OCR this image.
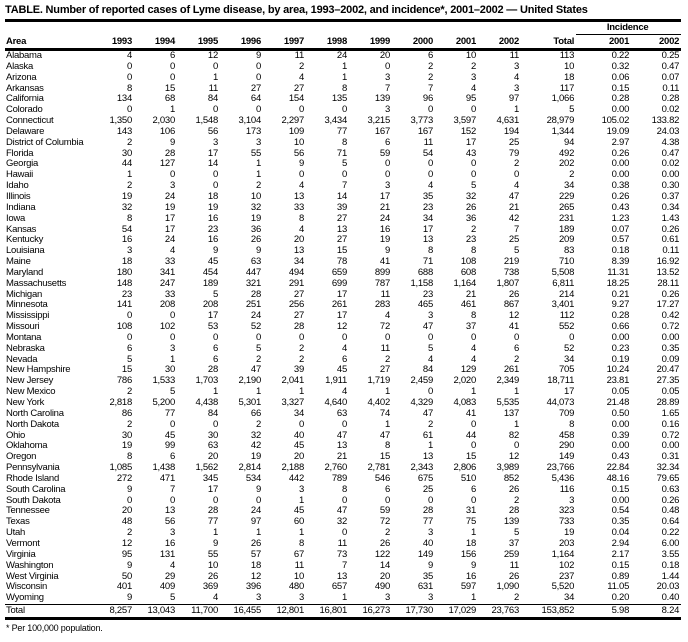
TABLE. Number of reported cases of Lyme disease, by area, 1993–2002, and incidence*, 2001–2002 — United States
												Incidence	
Area	1993	1994	1995	1996	1997	1998	1999	2000	2001	2002	Total	2001	2002
Alabama	4	6	12	9	11	24	20	6	10	11	113	0.22	0.25
Alaska	0	0	0	0	2	1	0	2	2	3	10	0.32	0.47
Arizona	0	0	1	0	4	1	3	2	3	4	18	0.06	0.07
Arkansas	8	15	11	27	27	8	7	7	4	3	117	0.15	0.11
California	134	68	84	64	154	135	139	96	95	97	1,066	0.28	0.28
Colorado	0	1	0	0	0	0	3	0	0	1	5	0.00	0.02
Connecticut	1,350	2,030	1,548	3,104	2,297	3,434	3,215	3,773	3,597	4,631	28,979	105.02	133.82
Delaware	143	106	56	173	109	77	167	167	152	194	1,344	19.09	24.03
District of Columbia	2	9	3	3	10	8	6	11	17	25	94	2.97	4.38
Florida	30	28	17	55	56	71	59	54	43	79	492	0.26	0.47
Georgia	44	127	14	1	9	5	0	0	0	2	202	0.00	0.02
Hawaii	1	0	0	1	0	0	0	0	0	0	2	0.00	0.00
Idaho	2	3	0	2	4	7	3	4	5	4	34	0.38	0.30
Illinois	19	24	18	10	13	14	17	35	32	47	229	0.26	0.37
Indiana	32	19	19	32	33	39	21	23	26	21	265	0.43	0.34
Iowa	8	17	16	19	8	27	24	34	36	42	231	1.23	1.43
Kansas	54	17	23	36	4	13	16	17	2	7	189	0.07	0.26
Kentucky	16	24	16	26	20	27	19	13	23	25	209	0.57	0.61
Louisiana	3	4	9	9	13	15	9	8	8	5	83	0.18	0.11
Maine	18	33	45	63	34	78	41	71	108	219	710	8.39	16.92
Maryland	180	341	454	447	494	659	899	688	608	738	5,508	11.31	13.52
Massachusetts	148	247	189	321	291	699	787	1,158	1,164	1,807	6,811	18.25	28.11
Michigan	23	33	5	28	27	17	11	23	21	26	214	0.21	0.26
Minnesota	141	208	208	251	256	261	283	465	461	867	3,401	9.27	17.27
Mississippi	0	0	17	24	27	17	4	3	8	12	112	0.28	0.42
Missouri	108	102	53	52	28	12	72	47	37	41	552	0.66	0.72
Montana	0	0	0	0	0	0	0	0	0	0	0	0.00	0.00
Nebraska	6	3	6	5	2	4	11	5	4	6	52	0.23	0.35
Nevada	5	1	6	2	2	6	2	4	4	2	34	0.19	0.09
New Hampshire	15	30	28	47	39	45	27	84	129	261	705	10.24	20.47
New Jersey	786	1,533	1,703	2,190	2,041	1,911	1,719	2,459	2,020	2,349	18,711	23.81	27.35
New Mexico	2	5	1	1	1	4	1	0	1	1	17	0.05	0.05
New York	2,818	5,200	4,438	5,301	3,327	4,640	4,402	4,329	4,083	5,535	44,073	21.48	28.89
North Carolina	86	77	84	66	34	63	74	47	41	137	709	0.50	1.65
North Dakota	2	0	0	2	0	0	1	2	0	1	8	0.00	0.16
Ohio	30	45	30	32	40	47	47	61	44	82	458	0.39	0.72
Oklahoma	19	99	63	42	45	13	8	1	0	0	290	0.00	0.00
Oregon	8	6	20	19	20	21	15	13	15	12	149	0.43	0.31
Pennsylvania	1,085	1,438	1,562	2,814	2,188	2,760	2,781	2,343	2,806	3,989	23,766	22.84	32.34
Rhode Island	272	471	345	534	442	789	546	675	510	852	5,436	48.16	79.65
South Carolina	9	7	17	9	3	8	6	25	6	26	116	0.15	0.63
South Dakota	0	0	0	0	1	0	0	0	0	2	3	0.00	0.26
Tennessee	20	13	28	24	45	47	59	28	31	28	323	0.54	0.48
Texas	48	56	77	97	60	32	72	77	75	139	733	0.35	0.64
Utah	2	3	1	1	1	0	2	3	1	5	19	0.04	0.22
Vermont	12	16	9	26	8	11	26	40	18	37	203	2.94	6.00
Virginia	95	131	55	57	67	73	122	149	156	259	1,164	2.17	3.55
Washington	9	4	10	18	11	7	14	9	9	11	102	0.15	0.18
West Virginia	50	29	26	12	10	13	20	35	16	26	237	0.89	1.44
Wisconsin	401	409	369	396	480	657	490	631	597	1,090	5,520	11.05	20.03
Wyoming	9	5	4	3	3	1	3	3	1	2	34	0.20	0.40
Total	8,257	13,043	11,700	16,455	12,801	16,801	16,273	17,730	17,029	23,763	153,852	5.98	8.24
* Per 100,000 population.
